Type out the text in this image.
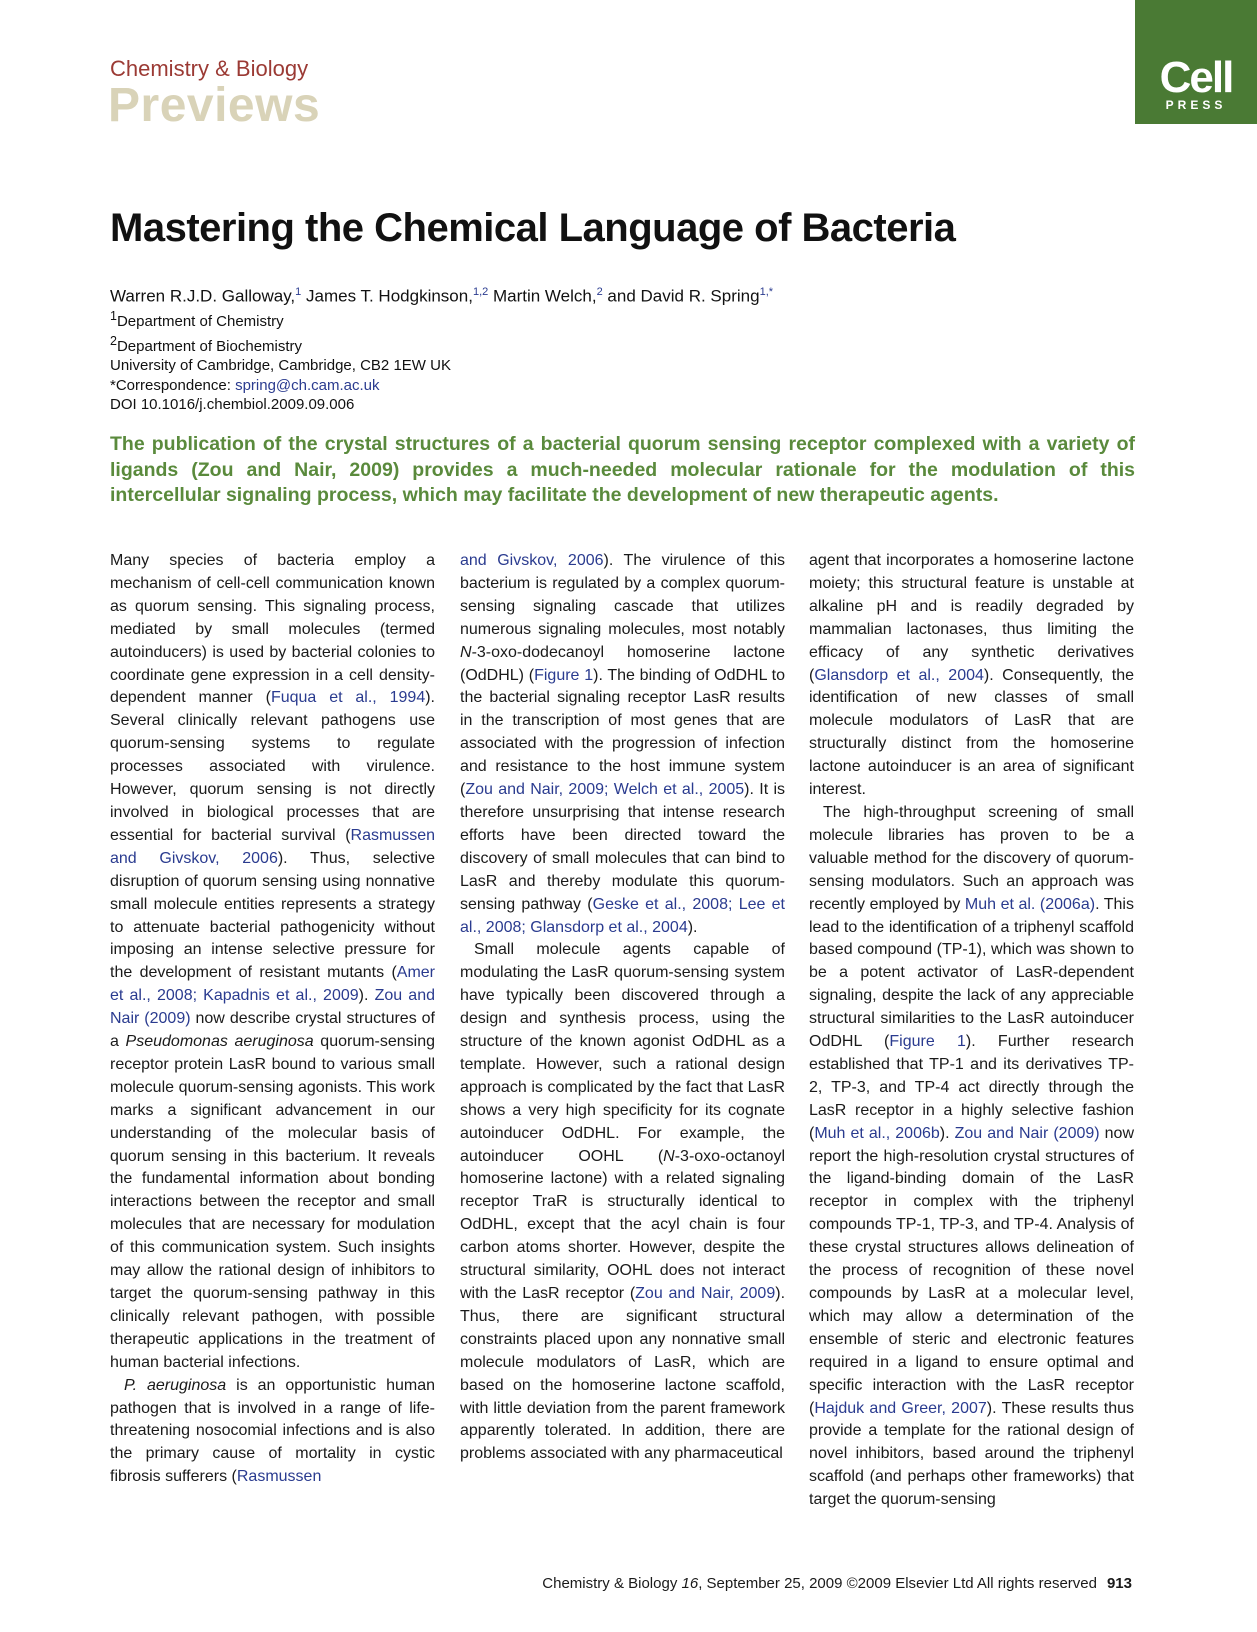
Chemistry & Biology
Previews
Cell
PRESS
Mastering the Chemical Language of Bacteria
Warren R.J.D. Galloway,$^1$ James T. Hodgkinson,$^{1,2}$ Martin Welch,$^2$ and David R. Spring$^{1,*}$
$^1$Department of Chemistry
$^2$Department of Biochemistry
University of Cambridge, Cambridge, CB2 1EW UK
*Correspondence: spring@ch.cam.ac.uk
DOI 10.1016/j.chembiol.2009.09.006
The publication of the crystal structures of a bacterial quorum sensing receptor complexed with a variety of ligands (Zou and Nair, 2009) provides a much-needed molecular rationale for the modulation of this intercellular signaling process, which may facilitate the development of new therapeutic agents.

Many species of bacteria employ a mechanism of cell-cell communication known as quorum sensing. This signaling process, mediated by small molecules (termed autoinducers) is used by bacterial colonies to coordinate gene expression in a cell density-dependent manner (Fuqua et al., 1994). Several clinically relevant pathogens use quorum-sensing systems to regulate processes associated with virulence. However, quorum sensing is not directly involved in biological processes that are essential for bacterial survival (Rasmussen and Givskov, 2006). Thus, selective disruption of quorum sensing using nonnative small molecule entities represents a strategy to attenuate bacterial pathogenicity without imposing an intense selective pressure for the development of resistant mutants (Amer et al., 2008; Kapadnis et al., 2009). Zou and Nair (2009) now describe crystal structures of a Pseudomonas aeruginosa quorum-sensing receptor protein LasR bound to various small molecule quorum-sensing agonists. This work marks a significant advancement in our understanding of the molecular basis of quorum sensing in this bacterium. It reveals the fundamental information about bonding interactions between the receptor and small molecules that are necessary for modulation of this communication system. Such insights may allow the rational design of inhibitors to target the quorum-sensing pathway in this clinically relevant pathogen, with possible therapeutic applications in the treatment of human bacterial infections.

P. aeruginosa is an opportunistic human pathogen that is involved in a range of life-threatening nosocomial infections and is also the primary cause of mortality in cystic fibrosis sufferers (Rasmussen

and Givskov, 2006). The virulence of this bacterium is regulated by a complex quorum-sensing signaling cascade that utilizes numerous signaling molecules, most notably N-3-oxo-dodecanoyl homoserine lactone (OdDHL) (Figure 1). The binding of OdDHL to the bacterial signaling receptor LasR results in the transcription of most genes that are associated with the progression of infection and resistance to the host immune system (Zou and Nair, 2009; Welch et al., 2005). It is therefore unsurprising that intense research efforts have been directed toward the discovery of small molecules that can bind to LasR and thereby modulate this quorum-sensing pathway (Geske et al., 2008; Lee et al., 2008; Glansdorp et al., 2004).

Small molecule agents capable of modulating the LasR quorum-sensing system have typically been discovered through a design and synthesis process, using the structure of the known agonist OdDHL as a template. However, such a rational design approach is complicated by the fact that LasR shows a very high specificity for its cognate autoinducer OdDHL. For example, the autoinducer OOHL (N-3-oxo-octanoyl homoserine lactone) with a related signaling receptor TraR is structurally identical to OdDHL, except that the acyl chain is four carbon atoms shorter. However, despite the structural similarity, OOHL does not interact with the LasR receptor (Zou and Nair, 2009). Thus, there are significant structural constraints placed upon any nonnative small molecule modulators of LasR, which are based on the homoserine lactone scaffold, with little deviation from the parent framework apparently tolerated. In addition, there are problems associated with any pharmaceutical

agent that incorporates a homoserine lactone moiety; this structural feature is unstable at alkaline pH and is readily degraded by mammalian lactonases, thus limiting the efficacy of any synthetic derivatives (Glansdorp et al., 2004). Consequently, the identification of new classes of small molecule modulators of LasR that are structurally distinct from the homoserine lactone autoinducer is an area of significant interest.

The high-throughput screening of small molecule libraries has proven to be a valuable method for the discovery of quorum-sensing modulators. Such an approach was recently employed by Muh et al. (2006a). This lead to the identification of a triphenyl scaffold based compound (TP-1), which was shown to be a potent activator of LasR-dependent signaling, despite the lack of any appreciable structural similarities to the LasR autoinducer OdDHL (Figure 1). Further research established that TP-1 and its derivatives TP-2, TP-3, and TP-4 act directly through the LasR receptor in a highly selective fashion (Muh et al., 2006b). Zou and Nair (2009) now report the high-resolution crystal structures of the ligand-binding domain of the LasR receptor in complex with the triphenyl compounds TP-1, TP-3, and TP-4. Analysis of these crystal structures allows delineation of the process of recognition of these novel compounds by LasR at a molecular level, which may allow a determination of the ensemble of steric and electronic features required in a ligand to ensure optimal and specific interaction with the LasR receptor (Hajduk and Greer, 2007). These results thus provide a template for the rational design of novel inhibitors, based around the triphenyl scaffold (and perhaps other frameworks) that target the quorum-sensing

Chemistry & Biology 16, September 25, 2009 ©2009 Elsevier Ltd All rights reserved 913
